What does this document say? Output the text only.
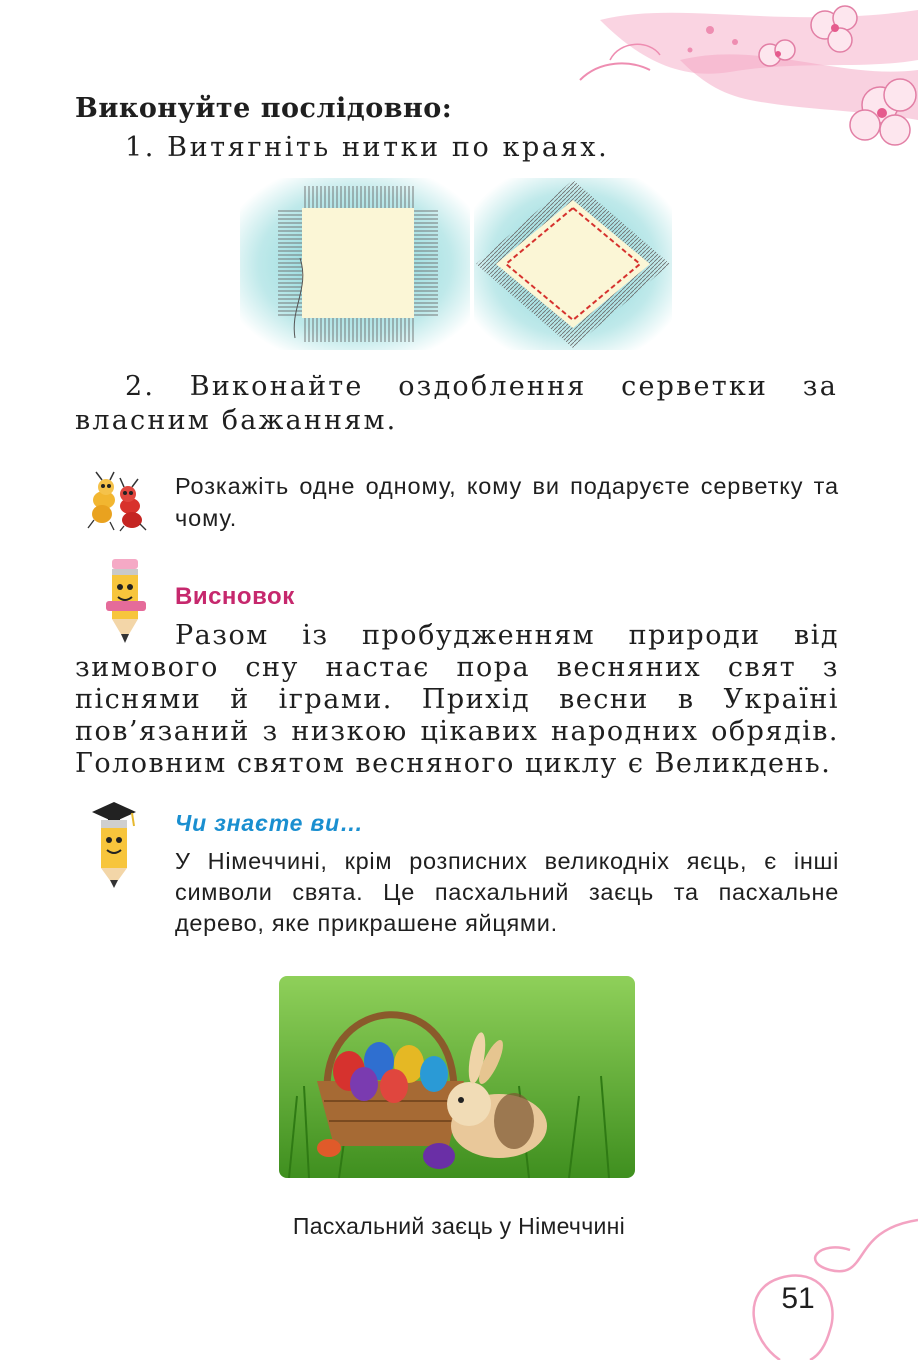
Виконуйте послідовно:
1. Витягніть нитки по краях.
2. Виконайте оздоблення серветки за власним бажанням.
Розкажіть одне одному, кому ви подаруєте серветку та чому.
Висновок
Разом із пробудженням природи від зимового сну настає пора весняних свят з піснями й іграми. Прихід весни в Україні пов’язаний з низкою цікавих народних обрядів. Головним святом весняного циклу є Великдень.
Чи знаєте ви…
У Німеччині, крім розписних великодніх яєць, є інші символи свята. Це пасхальний заєць та пасхальне дерево, яке прикрашене яйцями.
Пасхальний заєць у Німеччині
51
